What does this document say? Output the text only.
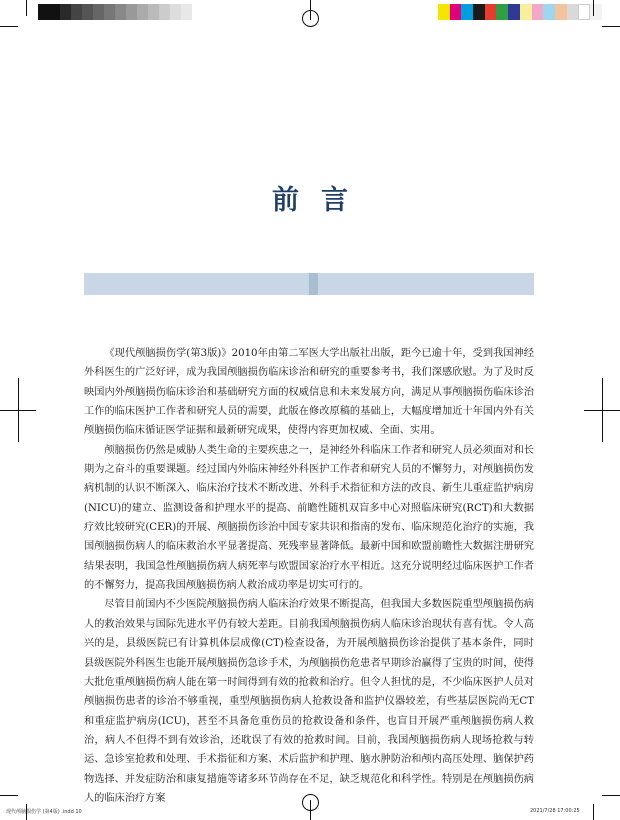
前言

《现代颅脑损伤学(第3版)》2010年由第二军医大学出版社出版，距今已逾十年，受到我国神经外科医生的广泛好评，成为我国颅脑损伤临床诊治和研究的重要参考书，我们深感欣慰。为了及时反映国内外颅脑损伤临床诊治和基础研究方面的权威信息和未来发展方向，满足从事颅脑损伤临床诊治工作的临床医护工作者和研究人员的需要，此版在修改原稿的基础上，大幅度增加近十年国内外有关颅脑损伤临床循证医学证据和最新研究成果，使得内容更加权威、全面、实用。

颅脑损伤仍然是威胁人类生命的主要疾患之一，是神经外科临床工作者和研究人员必须面对和长期为之奋斗的重要课题。经过国内外临床神经外科医护工作者和研究人员的不懈努力，对颅脑损伤发病机制的认识不断深入、临床治疗技术不断改进、外科手术指征和方法的改良、新生儿重症监护病房(NICU)的建立、监测设备和护理水平的提高、前瞻性随机双盲多中心对照临床研究(RCT)和大数据疗效比较研究(CER)的开展、颅脑损伤诊治中国专家共识和指南的发布、临床规范化治疗的实施，我国颅脑损伤病人的临床救治水平显著提高、死残率显著降低。最新中国和欧盟前瞻性大数据注册研究结果表明，我国急性颅脑损伤病人病死率与欧盟国家治疗水平相近。这充分说明经过临床医护工作者的不懈努力，提高我国颅脑损伤病人救治成功率是切实可行的。

尽管目前国内不少医院颅脑损伤病人临床治疗效果不断提高，但我国大多数医院重型颅脑损伤病人的救治效果与国际先进水平仍有较大差距。目前我国颅脑损伤病人临床诊治现状有喜有忧。令人高兴的是，县级医院已有计算机体层成像(CT)检查设备，为开展颅脑损伤诊治提供了基本条件，同时县级医院外科医生也能开展颅脑损伤急诊手术，为颅脑损伤危患者早期诊治赢得了宝贵的时间，使得大批危重颅脑损伤病人能在第一时间得到有效的抢救和治疗。但令人担忧的是，不少临床医护人员对颅脑损伤患者的诊治不够重视，重型颅脑损伤病人抢救设备和监护仪器较差，有些基层医院尚无CT和重症监护病房(ICU)，甚至不具备危重伤员的抢救设备和条件，也盲目开展严重颅脑损伤病人救治，病人不但得不到有效诊治，还耽误了有效的抢救时间。目前，我国颅脑损伤病人现场抢救与转运、急诊室抢救和处理、手术指征和方案、术后监护和护理、脑水肿防治和颅内高压处理、脑保护药物选择、并发症防治和康复措施等诸多环节尚存在不足，缺乏规范化和科学性。特别是在颅脑损伤病人的临床治疗方案

现代颅脑损伤学 (第4版) .indd 10	2021/7/28 17:00:25
